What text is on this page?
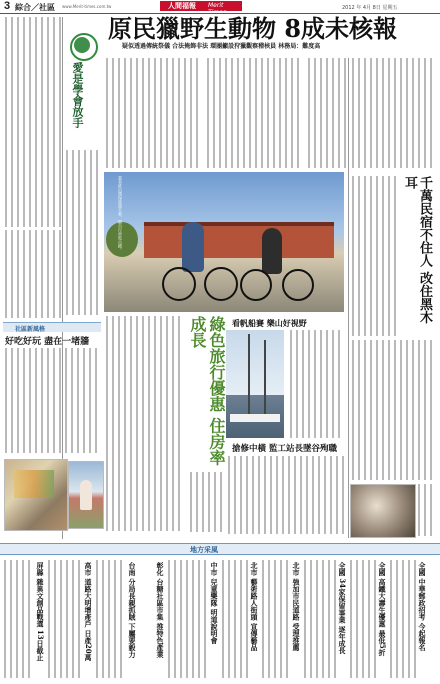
3 綜合／社區 www.Merit-times.com.tw	人間福報 Merit	2012 年 4月 8日 星期五
原民獵野生動物 8成未核報
疑似透過傳統祭儀 合法掩飾非法 環團籲設狩獵觀察稽核員 林務局：難度高
愛是學會放手
社區新風格
好吃好玩 盡在一堵牆
千萬民宿不住人 改住黑木耳
業者推出環保旅遊方案，騎自行車逛古蹟。
綠色旅行優惠 住房率成長	看帆船賽 樂山好視野
搶修中橫 監工站長墜谷殉職
地方采風
屏縣 雜異文創品戰選 13日截止	高市 道路大明增產戶 日產20萬	台南 分局長親抓賊 下屬要毅力	彰化 台糖社區市集 推特色產業	中市 兒童樂隊 明道說明會	北市 藝術路人街頭 宣傳藝品	北市 強加市民道路 受理推薦	全國 34家保留事業 逐年成長	全國 高鐵大壽生優惠 最低5折	全國 中華郵政招考 今起報名
